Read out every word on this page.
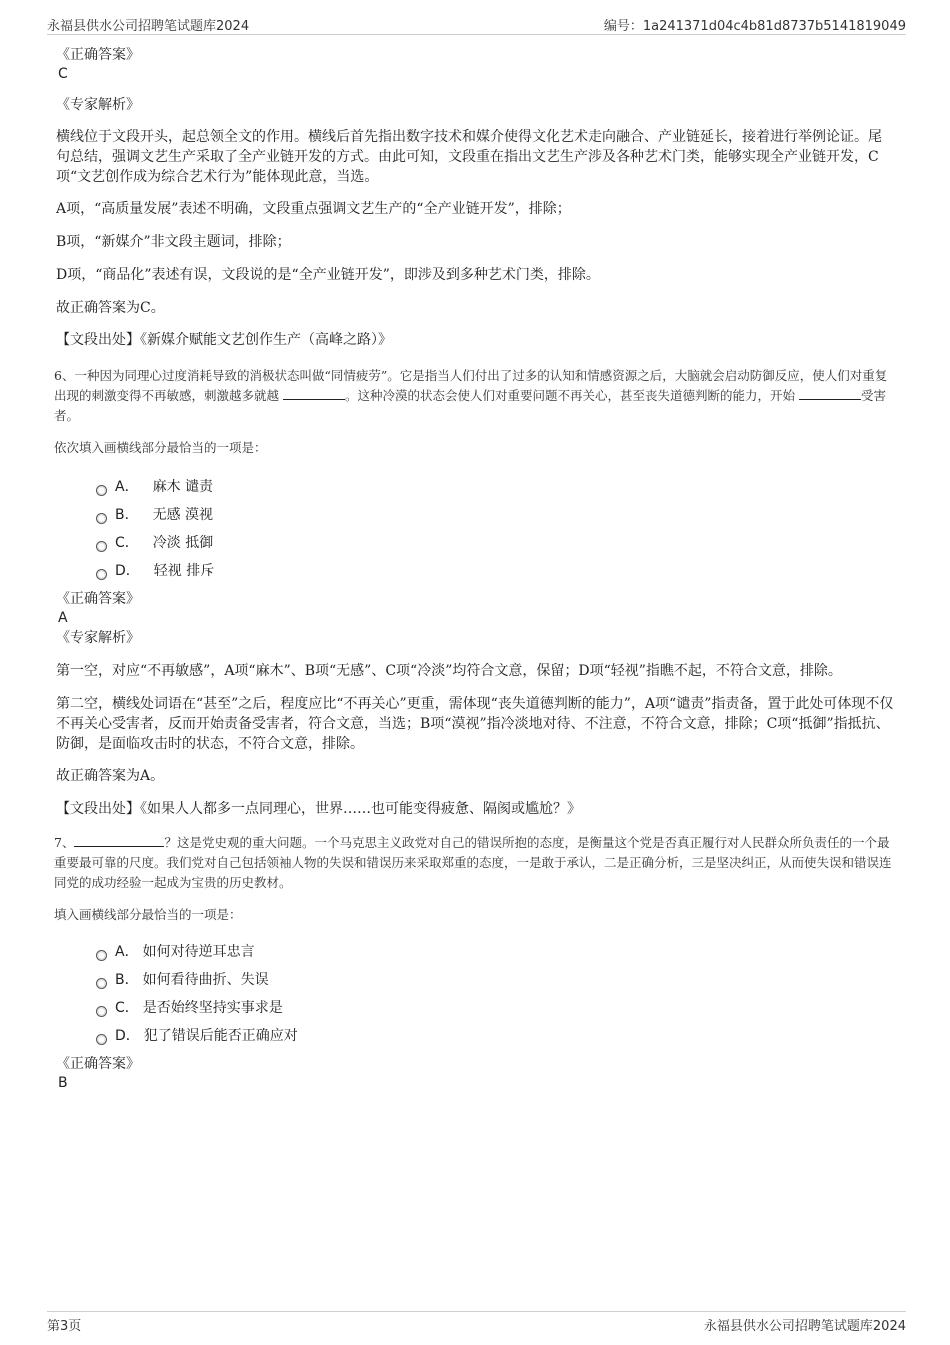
永福县供水公司招聘笔试题库2024	编号：1a241371d04c4b81d8737b5141819049
《正确答案》
C
《专家解析》

横线位于文段开头，起总领全文的作用。横线后首先指出数字技术和媒介使得文化艺术走向融合、产业链延长，接着进行举例论证。尾句总结，强调文艺生产采取了全产业链开发的方式。由此可知，文段重在指出文艺生产涉及各种艺术门类，能够实现全产业链开发，C项“文艺创作成为综合艺术行为”能体现此意，当选。

A项，“高质量发展”表述不明确，文段重点强调文艺生产的“全产业链开发”，排除；

B项，“新媒介”非文段主题词，排除；

D项，“商品化”表述有误，文段说的是“全产业链开发”，即涉及到多种艺术门类，排除。

故正确答案为C。

【文段出处】《新媒介赋能文艺创作生产（高峰之路）》

6、一种因为同理心过度消耗导致的消极状态叫做“同情疲劳”。它是指当人们付出了过多的认知和情感资源之后，大脑就会启动防御反应，使人们对重复出现的刺激变得不再敏感，刺激越多就越	。这种冷漠的状态会使人们对重要问题不再关心，甚至丧失道德判断的能力，开始	受害者。

依次填入画横线部分最恰当的一项是：

A． 麻木 谴责
B． 无感 漠视
C． 冷淡 抵御
D． 轻视 排斥
《正确答案》
A
《专家解析》

第一空，对应“不再敏感”，A项“麻木”、B项“无感”、C项“冷淡”均符合文意，保留；D项“轻视”指瞧不起，不符合文意，排除。

第二空，横线处词语在“甚至”之后，程度应比“不再关心”更重，需体现“丧失道德判断的能力”，A项“谴责”指责备，置于此处可体现不仅不再关心受害者，反而开始责备受害者，符合文意，当选；B项“漠视”指冷淡地对待、不注意，不符合文意，排除；C项“抵御”指抵抗、防御，是面临攻击时的状态，不符合文意，排除。

故正确答案为A。

【文段出处】《如果人人都多一点同理心，世界……也可能变得疲惫、隔阂或尴尬？》

7、	？这是党史观的重大问题。一个马克思主义政党对自己的错误所抱的态度，是衡量这个党是否真正履行对人民群众所负责任的一个最重要最可靠的尺度。我们党对自己包括领袖人物的失误和错误历来采取郑重的态度，一是敢于承认，二是正确分析，三是坚决纠正，从而使失误和错误连同党的成功经验一起成为宝贵的历史教材。

填入画横线部分最恰当的一项是：

A． 如何对待逆耳忠言
B． 如何看待曲折、失误
C． 是否始终坚持实事求是
D． 犯了错误后能否正确应对
《正确答案》
B
第3页	永福县供水公司招聘笔试题库2024
